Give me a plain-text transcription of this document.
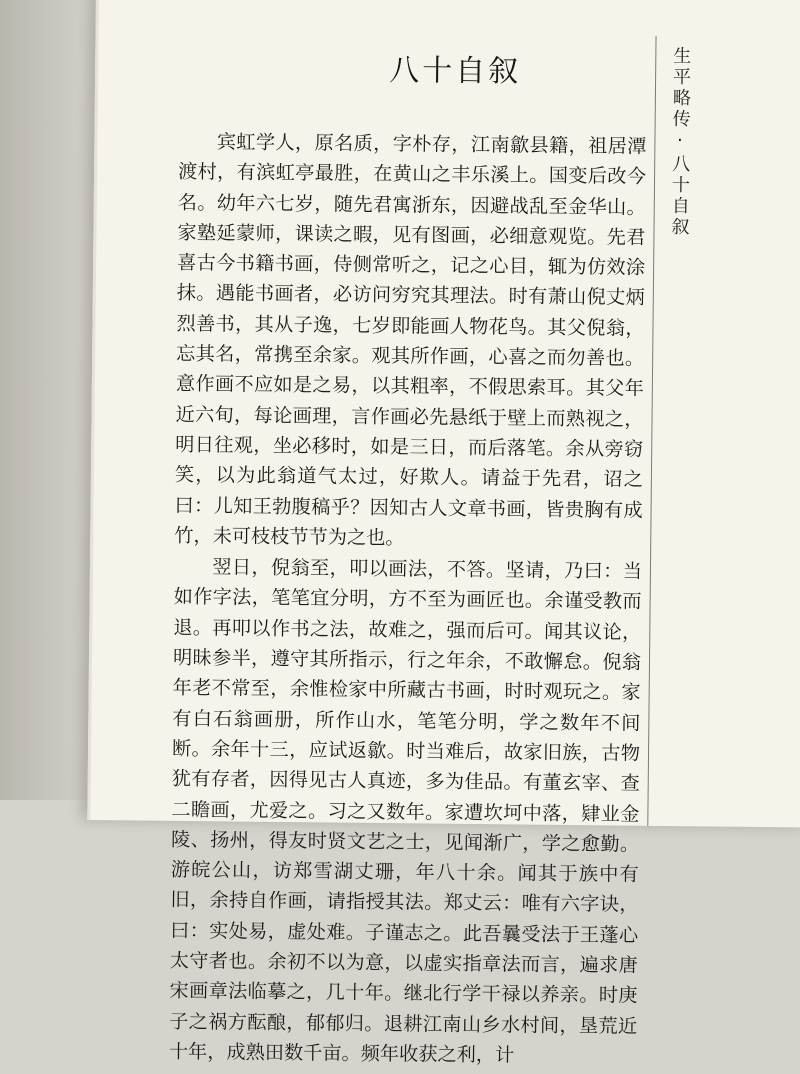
生平略传·八十自叙
八十自叙

宾虹学人，原名质，字朴存，江南歙县籍，祖居潭渡村，有滨虹亭最胜，在黄山之丰乐溪上。国变后改今名。幼年六七岁，随先君寓浙东，因避战乱至金华山。家塾延蒙师，课读之暇，见有图画，必细意观览。先君喜古今书籍书画，侍侧常听之，记之心目，辄为仿效涂抹。遇能书画者，必访问穷究其理法。时有萧山倪丈炳烈善书，其从子逸，七岁即能画人物花鸟。其父倪翁，忘其名，常携至余家。观其所作画，心喜之而勿善也。意作画不应如是之易，以其粗率，不假思索耳。其父年近六旬，每论画理，言作画必先悬纸于壁上而熟视之，明日往观，坐必移时，如是三日，而后落笔。余从旁窃笑，以为此翁道气太过，好欺人。请益于先君，诏之曰：儿知王勃腹稿乎？因知古人文章书画，皆贵胸有成竹，未可枝枝节节为之也。

翌日，倪翁至，叩以画法，不答。坚请，乃曰：当如作字法，笔笔宜分明，方不至为画匠也。余谨受教而退。再叩以作书之法，故难之，强而后可。闻其议论，明昧参半，遵守其所指示，行之年余，不敢懈怠。倪翁年老不常至，余惟检家中所藏古书画，时时观玩之。家有白石翁画册，所作山水，笔笔分明，学之数年不间断。余年十三，应试返歙。时当难后，故家旧族，古物犹有存者，因得见古人真迹，多为佳品。有董玄宰、查二瞻画，尤爱之。习之又数年。家遭坎坷中落，肄业金陵、扬州，得友时贤文艺之士，见闻渐广，学之愈勤。游皖公山，访郑雪湖丈珊，年八十余。闻其于族中有旧，余持自作画，请指授其法。郑丈云：唯有六字诀，曰：实处易，虚处难。子谨志之。此吾曩受法于王蓬心太守者也。余初不以为意，以虚实指章法而言，遍求唐宋画章法临摹之，几十年。继北行学干禄以养亲。时庚子之祸方酝酿，郁郁归。退耕江南山乡水村间，垦荒近十年，成熟田数千亩。频年收获之利，计
